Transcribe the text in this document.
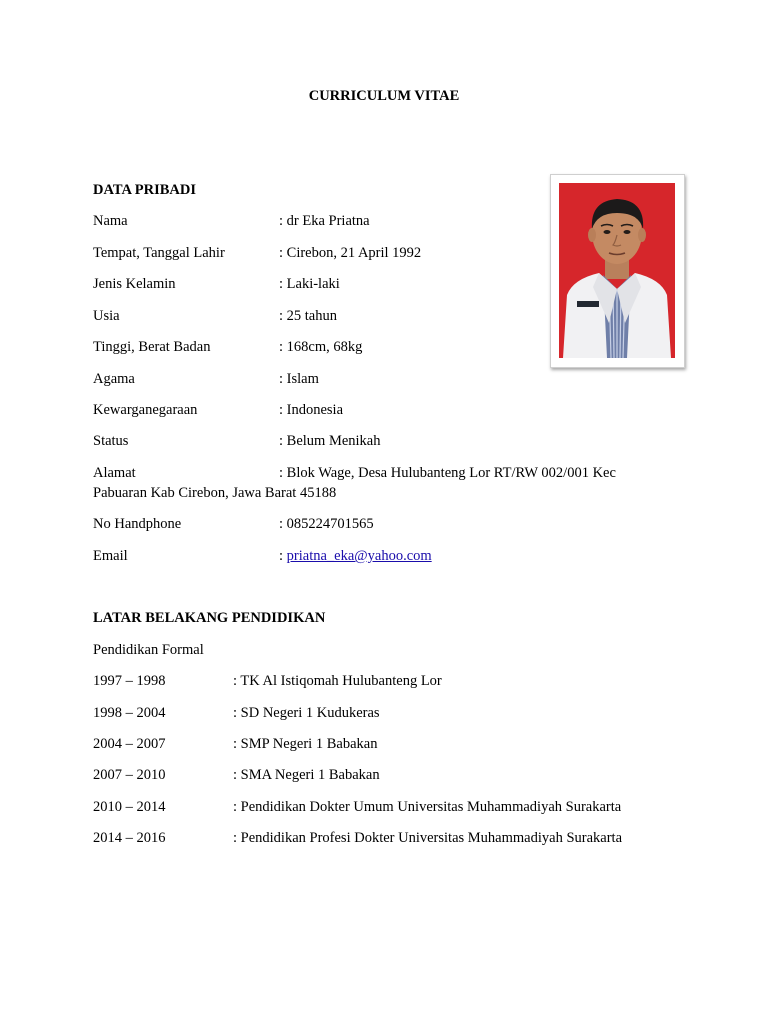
CURRICULUM VITAE
DATA PRIBADI
Nama	: dr Eka Priatna
Tempat, Tanggal Lahir	: Cirebon, 21 April 1992
Jenis Kelamin	: Laki-laki
Usia	: 25 tahun
Tinggi, Berat Badan	: 168cm, 68kg
Agama	: Islam
Kewarganegaraan	: Indonesia
Status	: Belum Menikah
Alamat	: Blok Wage, Desa Hulubanteng Lor RT/RW 002/001 Kec
Pabuaran Kab Cirebon, Jawa Barat 45188
No Handphone	: 085224701565
Email	: priatna_eka@yahoo.com
LATAR BELAKANG PENDIDIKAN
Pendidikan Formal
1997 – 1998	: TK Al Istiqomah Hulubanteng Lor
1998 – 2004	: SD Negeri 1 Kudukeras
2004 – 2007	: SMP Negeri 1 Babakan
2007 – 2010	: SMA Negeri 1 Babakan
2010 – 2014	: Pendidikan Dokter Umum Universitas Muhammadiyah Surakarta
2014 – 2016	: Pendidikan Profesi Dokter Universitas Muhammadiyah Surakarta
